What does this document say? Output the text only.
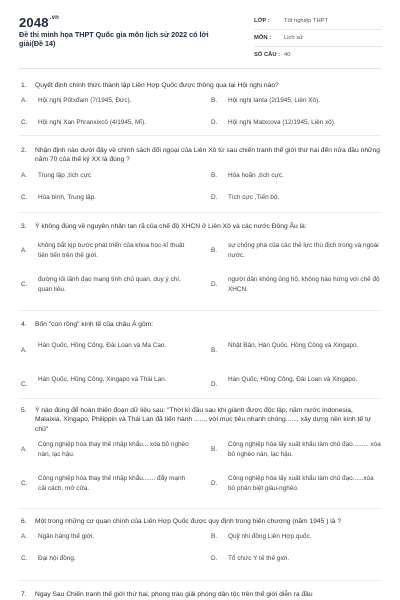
$2048^{.vn}$
Đề thi minh họa THPT Quốc gia môn lịch sử 2022 có lời giải(Đề 14)
LỚP : Tốt nghiệp THPT
MÔN : Lịch sử
SỐ CÂU : 40
1. Quyết định chính thức thành lập Liên Hợp Quốc được thông qua tại Hội nghị nào?
A. Hội nghị Pốtxđam (7/1945, Đức).	B. Hội nghị Ianta (2/1945, Liên Xô).
C. Hội nghị Xan Phranxixcô (4/1945, Mĩ).	D. Hội nghị Matxcova (12/1945, Liên xô).
2. Nhận định nào dưới đây về chính sách đối ngoại của Liên Xô từ sau chiến tranh thế giới thứ hai đến nửa đầu những năm 70 của thế kỷ XX là đúng ?
A. Trung lập ,tích cực	B. Hòa hoãn ,tích cực.
C. Hòa bình, Trung lập.	D. Tích cực ,Tiến bộ.
3. Ý không đúng về nguyên nhân tan rã của chế độ XHCN ở Liên Xô và các nước Đông Âu là:
A.
không bắt kịp bước phát triển của khoa học-kĩ thuật tiên tiến trên thế giới.
B.
sự chống phá của các thế lực thù địch trong và ngoài nước.
C.
đường lối lãnh đạo mang tính chủ quan, duy ý chí, quan liêu.
D.
người dân không ủng hộ, không hào hứng với chế độ XHCN.
4. Bốn "con rồng" kinh tế của châu Á gồm:
A.
Hàn Quốc, Hồng Công, Đài Loan và Ma Cao.
B.
Nhật Bản, Hàn Quốc, Hồng Công và Xingapo.
C.
Hàn Quốc, Hồng Công, Xingapo và Thái Lan.
D.
Hàn Quốc, Hồng Công, Đài Loan và Xingapo.
5. Ý nào đúng để hoàn thiện đoạn dữ liệu sau: "Thời kì đầu sau khi giành được độc lập, năm nước Indonesia, Malaixia, Xingapo, Philippin và Thái Lan đã tiến hành ......, với mục tiêu nhanh chóng......, xây dựng nền kinh tế tự chủ"
A.
Công nghiệp hóa thay thế nhập khẩu... xóa bỏ nghèo nàn, lạc hậu.
B.
Công nghiệp hóa lấy xuất khẩu làm chủ đạo......... xóa bỏ nghèo nàn, lạc hậu.
C.
Công nghiệp hóa thay thế nhập khẩu....... đẩy mạnh cải cách, mở cửa.
D.
Công nghiệp hóa lấy xuất khẩu làm chủ đạo......xóa bỏ phân biệt giàu-nghèo.
6. Một trong những cơ quan chính của Liên Hợp Quốc được quy định trong hiến chương (năm 1945 ) là ?
A. Ngân hàng thế giới.	B. Quỹ nhi đồng Liên Hợp quốc.
C. Đại hội đồng.	D. Tổ chức Y tế thế giới.
7. Ngay Sau Chiến tranh thế giới thứ hai, phong trào giải phóng dân tộc trên thế giới diễn ra đầu
